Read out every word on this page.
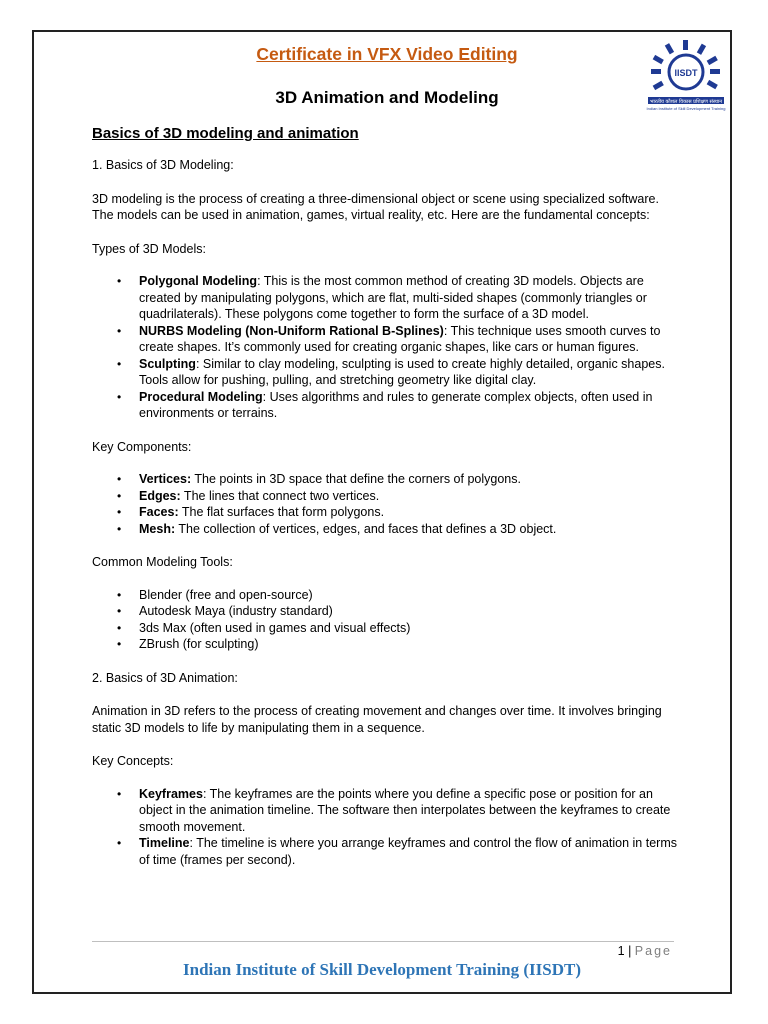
IISDT
भारतीय कौशल विकास प्रशिक्षण संस्थान
Indian Institute of Skill Development Training
Certificate in VFX Video Editing
3D Animation and Modeling
Basics of 3D modeling and animation

1. Basics of 3D Modeling:

3D modeling is the process of creating a three-dimensional object or scene using specialized software. The models can be used in animation, games, virtual reality, etc. Here are the fundamental concepts:

Types of 3D Models:

• Polygonal Modeling: This is the most common method of creating 3D models. Objects are created by manipulating polygons, which are flat, multi-sided shapes (commonly triangles or quadrilaterals). These polygons come together to form the surface of a 3D model.
• NURBS Modeling (Non-Uniform Rational B-Splines): This technique uses smooth curves to create shapes. It’s commonly used for creating organic shapes, like cars or human figures.
• Sculpting: Similar to clay modeling, sculpting is used to create highly detailed, organic shapes. Tools allow for pushing, pulling, and stretching geometry like digital clay.
• Procedural Modeling: Uses algorithms and rules to generate complex objects, often used in environments or terrains.

Key Components:

• Vertices: The points in 3D space that define the corners of polygons.
• Edges: The lines that connect two vertices.
• Faces: The flat surfaces that form polygons.
• Mesh: The collection of vertices, edges, and faces that defines a 3D object.

Common Modeling Tools:

• Blender (free and open-source)
• Autodesk Maya (industry standard)
• 3ds Max (often used in games and visual effects)
• ZBrush (for sculpting)

2. Basics of 3D Animation:

Animation in 3D refers to the process of creating movement and changes over time. It involves bringing static 3D models to life by manipulating them in a sequence.

Key Concepts:

• Keyframes: The keyframes are the points where you define a specific pose or position for an object in the animation timeline. The software then interpolates between the keyframes to create smooth movement.
• Timeline: The timeline is where you arrange keyframes and control the flow of animation in terms of time (frames per second).
1 | Page
Indian Institute of Skill Development Training (IISDT)
